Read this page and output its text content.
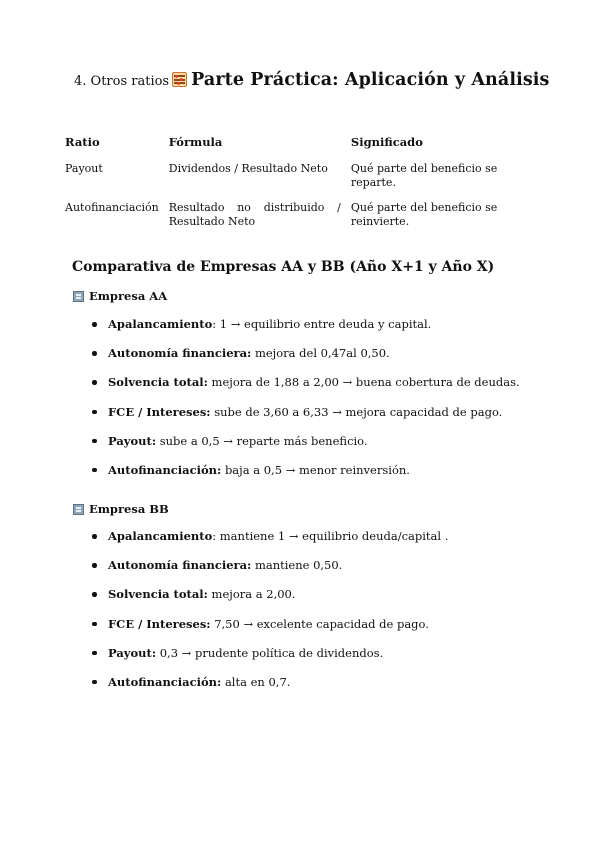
4. Otros ratios Parte Práctica: Aplicación y Análisis
Ratio	Fórmula	Significado
Payout	Dividendos / Resultado Neto	Qué parte del beneficio se reparte.
Autofinanciación	Resultado no distribuido / Resultado Neto	Qué parte del beneficio se reinvierte.
Comparativa de Empresas AA y BB (Año X+1 y Año X)
Empresa AA
Apalancamiento: 1 → equilibrio entre deuda y capital.
Autonomía financiera: mejora del 0,47al 0,50.
Solvencia total: mejora de 1,88 a 2,00 → buena cobertura de deudas.
FCE / Intereses: sube de 3,60 a 6,33 → mejora capacidad de pago.
Payout: sube a 0,5 → reparte más beneficio.
Autofinanciación: baja a 0,5 → menor reinversión.
Empresa BB
Apalancamiento: mantiene 1 → equilibrio deuda/capital .
Autonomía financiera: mantiene 0,50.
Solvencia total: mejora a 2,00.
FCE / Intereses: 7,50 → excelente capacidad de pago.
Payout: 0,3 → prudente política de dividendos.
Autofinanciación: alta en 0,7.
